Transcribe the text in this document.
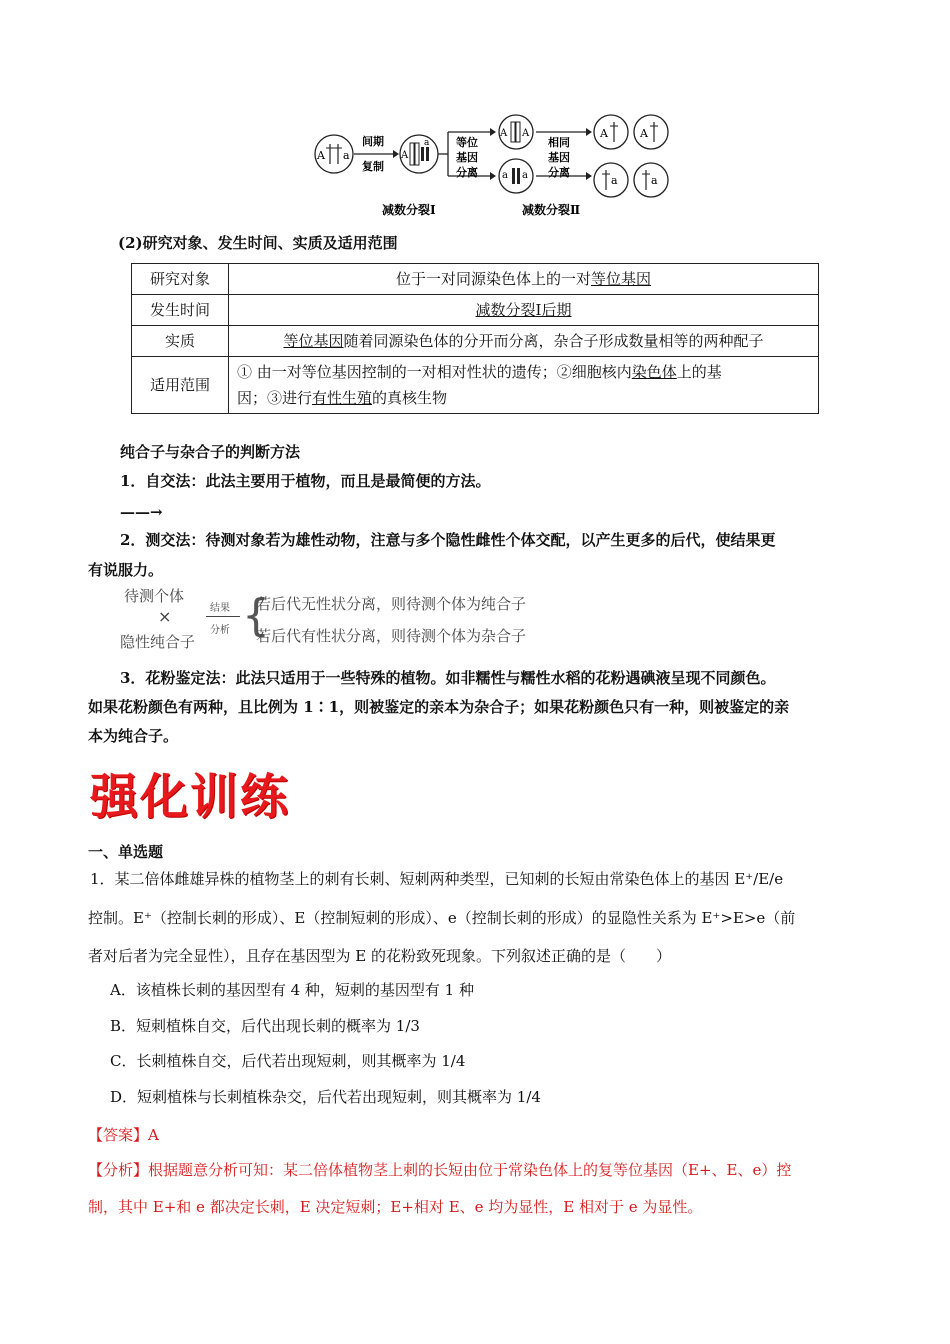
A a
间期
复制
A
a 等位
基因
分离
A A
a a
相同
基因
分离
A	A
a	a
减数分裂Ⅰ	减数分裂Ⅱ
(2)研究对象、发生时间、实质及适用范围
研究对象	位于一对同源染色体上的一对等位基因
发生时间	减数分裂Ⅰ后期
实质	等位基因随着同源染色体的分开而分离，杂合子形成数量相等的两种配子
适用范围	① 由一对等位基因控制的一对相对性状的遗传；②细胞核内染色体上的基
因；③进行有性生殖的真核生物
纯合子与杂合子的判断方法
1．自交法：此法主要用于植物，而且是最简便的方法。
——→
2．测交法：待测对象若为雄性动物，注意与多个隐性雌性个体交配，以产生更多的后代，使结果更
有说服力。
待测个体
×
隐性纯合子
结果
分析 {
若后代无性状分离，则待测个体为纯合子
若后代有性状分离，则待测个体为杂合子
3．花粉鉴定法：此法只适用于一些特殊的植物。如非糯性与糯性水稻的花粉遇碘液呈现不同颜色。
如果花粉颜色有两种，且比例为 1∶1，则被鉴定的亲本为杂合子；如果花粉颜色只有一种，则被鉴定的亲
本为纯合子。
强化训练
一、单选题
1．某二倍体雌雄异株的植物茎上的刺有长刺、短刺两种类型，已知刺的长短由常染色体上的基因 E⁺/E/e
控制。E⁺（控制长刺的形成）、E（控制短刺的形成）、e（控制长刺的形成）的显隐性关系为 E⁺>E>e（前
者对后者为完全显性），且存在基因型为 E 的花粉致死现象。下列叙述正确的是（　　）
A．该植株长刺的基因型有 4 种，短刺的基因型有 1 种
B．短刺植株自交，后代出现长刺的概率为 1/3
C．长刺植株自交，后代若出现短刺，则其概率为 1/4
D．短刺植株与长刺植株杂交，后代若出现短刺，则其概率为 1/4
【答案】A
【分析】根据题意分析可知：某二倍体植物茎上刺的长短由位于常染色体上的复等位基因（E+、E、e）控
制，其中 E+和 e 都决定长刺，E 决定短刺；E+相对 E、e 均为显性，E 相对于 e 为显性。
